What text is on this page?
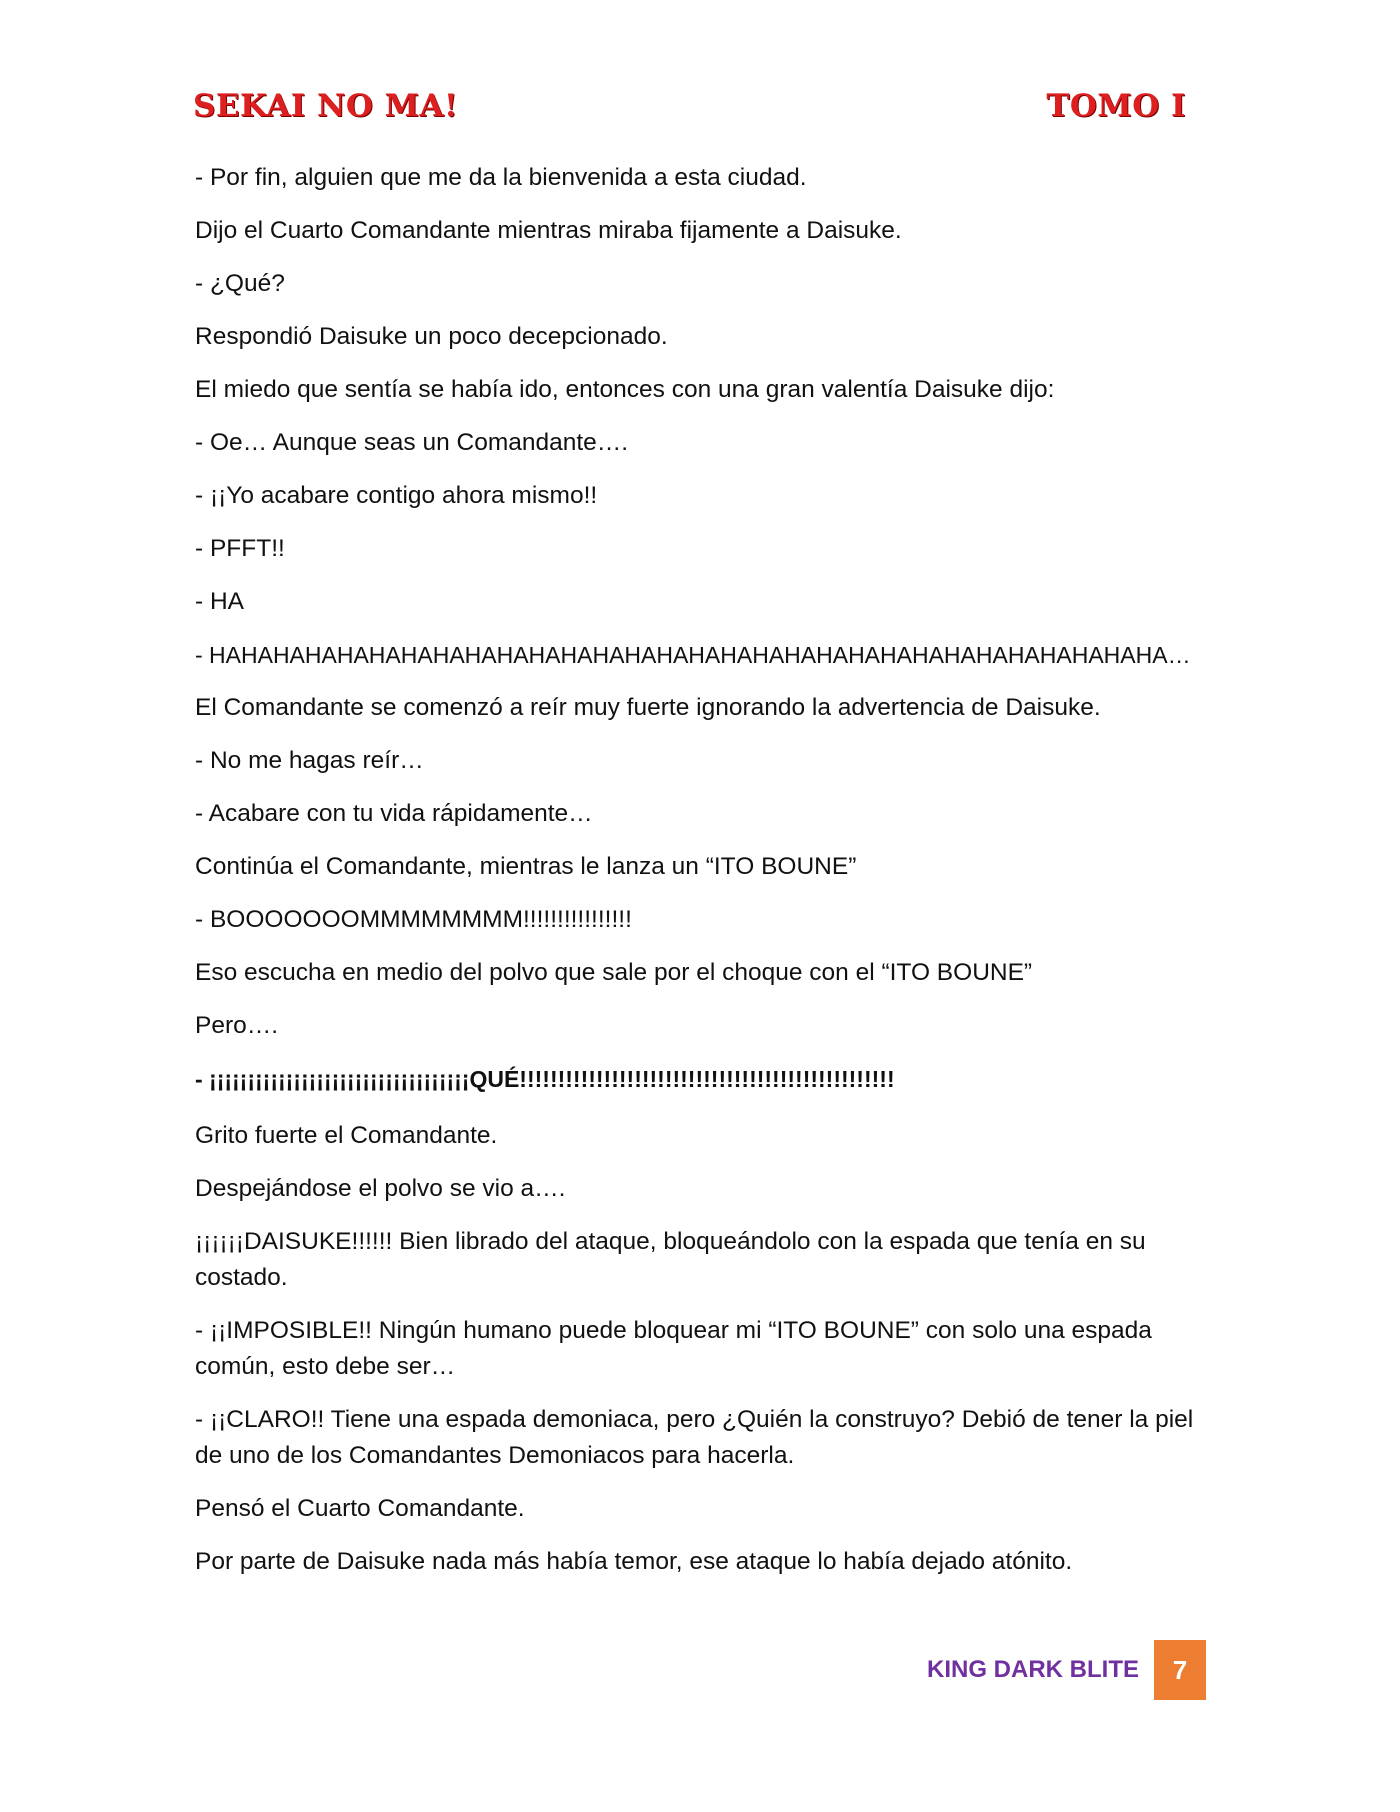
SEKAI NO MA!	TOMO I

- Por fin, alguien que me da la bienvenida a esta ciudad.

Dijo el Cuarto Comandante mientras miraba fijamente a Daisuke.

- ¿Qué?

Respondió Daisuke un poco decepcionado.

El miedo que sentía se había ido, entonces con una gran valentía Daisuke dijo:

- Oe… Aunque seas un Comandante….

- ¡¡Yo acabare contigo ahora mismo!!

- PFFT!!

- HA

- HAHAHAHAHAHAHAHAHAHAHAHAHAHAHAHAHAHAHAHAHAHAHAHAHAHAHAHAHAHA…

El Comandante se comenzó a reír muy fuerte ignorando la advertencia de Daisuke.

- No me hagas reír…

- Acabare con tu vida rápidamente…

Continúa el Comandante, mientras le lanza un “ITO BOUNE”

- BOOOOOOOMMMMMMMM!!!!!!!!!!!!!!!!

Eso escucha en medio del polvo que sale por el choque con el “ITO BOUNE”

Pero….

- ¡¡¡¡¡¡¡¡¡¡¡¡¡¡¡¡¡¡¡¡¡¡¡¡¡¡¡¡¡¡¡¡¡¡QUÉ!!!!!!!!!!!!!!!!!!!!!!!!!!!!!!!!!!!!!!!!!!!!!!!!!

Grito fuerte el Comandante.

Despejándose el polvo se vio a….

¡¡¡¡¡¡DAISUKE!!!!!! Bien librado del ataque, bloqueándolo con la espada que tenía en su costado.

- ¡¡IMPOSIBLE!! Ningún humano puede bloquear mi “ITO BOUNE” con solo una espada común, esto debe ser…

- ¡¡CLARO!! Tiene una espada demoniaca, pero ¿Quién la construyo? Debió de tener la piel de uno de los Comandantes Demoniacos para hacerla.

Pensó el Cuarto Comandante.

Por parte de Daisuke nada más había temor, ese ataque lo había dejado atónito.

KING DARK BLITE	7
